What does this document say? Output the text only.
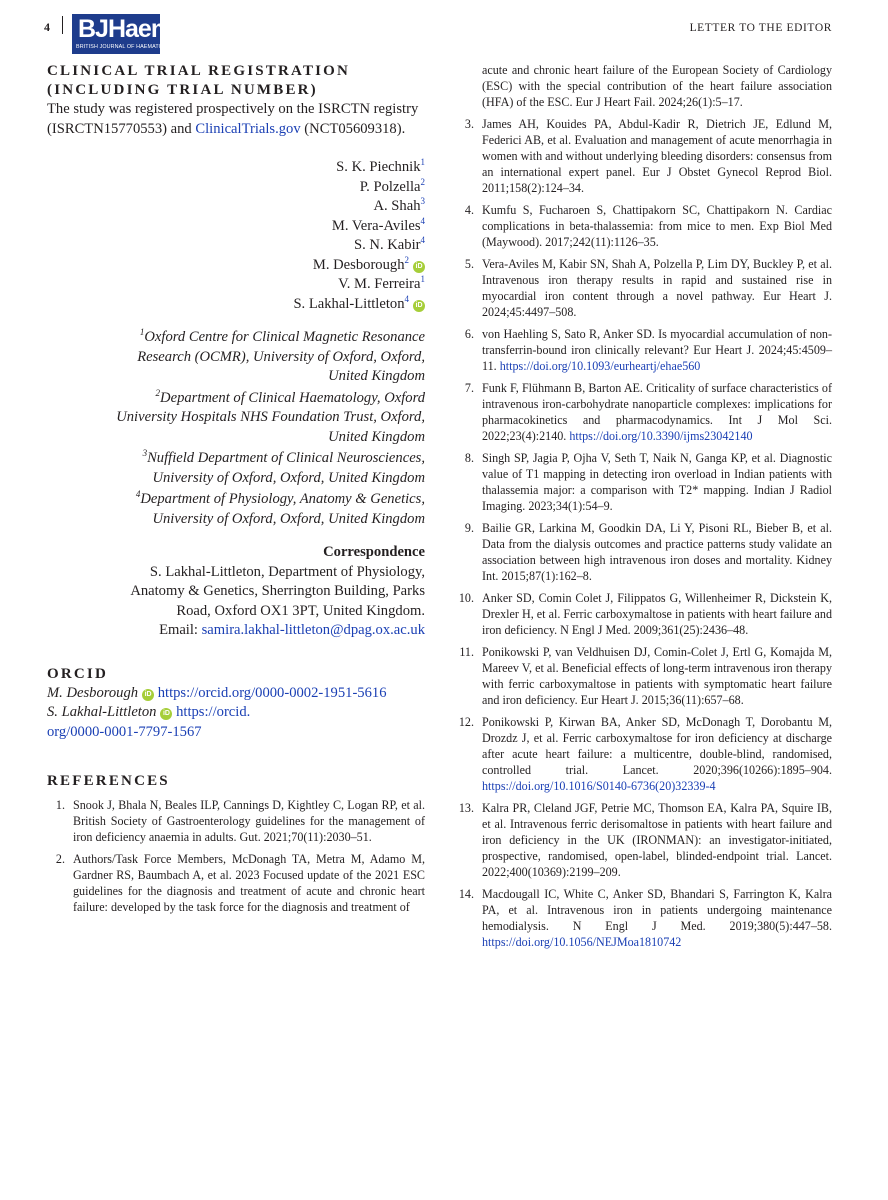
4 BJHaem
BRITISH JOURNAL OF HAEMATOLOGY
LETTER TO THE EDITOR
CLINICAL TRIAL REGISTRATION
(INCLUDING TRIAL NUMBER)
The study was registered prospectively on the ISRCTN registry (ISRCTN15770553) and ClinicalTrials.gov (NCT05609318).
S. K. Piechnik$^1$
P. Polzella$^2$
A. Shah$^3$
M. Vera-Aviles$^4$
S. N. Kabir$^4$
M. Desborough$^2$iD
V. M. Ferreira$^1$
S. Lakhal-Littleton$^4$iD
$^1$Oxford Centre for Clinical Magnetic Resonance
Research (OCMR), University of Oxford, Oxford,
United Kingdom
$^2$Department of Clinical Haematology, Oxford
University Hospitals NHS Foundation Trust, Oxford,
United Kingdom
$^3$Nuffield Department of Clinical Neurosciences,
University of Oxford, Oxford, United Kingdom
$^4$Department of Physiology, Anatomy & Genetics,
University of Oxford, Oxford, United Kingdom
Correspondence
S. Lakhal-Littleton, Department of Physiology,
Anatomy & Genetics, Sherrington Building, Parks
Road, Oxford OX1 3PT, United Kingdom.
Email: samira.lakhal-littleton@dpag.ox.ac.uk
ORCID
M. Desborough iD https://orcid.org/0000-0002-1951-5616
S. Lakhal-Littleton iD https://orcid.
org/0000-0001-7797-1567
REFERENCES
1. Snook J, Bhala N, Beales ILP, Cannings D, Kightley C, Logan RP, et al. British Society of Gastroenterology guidelines for the management of iron deficiency anaemia in adults. Gut. 2021;70(11):2030–51.
2. Authors/Task Force Members, McDonagh TA, Metra M, Adamo M, Gardner RS, Baumbach A, et al. 2023 Focused update of the 2021 ESC guidelines for the diagnosis and treatment of acute and chronic heart failure: developed by the task force for the diagnosis and treatment of
acute and chronic heart failure of the European Society of Cardiology (ESC) with the special contribution of the heart failure association (HFA) of the ESC. Eur J Heart Fail. 2024;26(1):5–17.
3. James AH, Kouides PA, Abdul-Kadir R, Dietrich JE, Edlund M, Federici AB, et al. Evaluation and management of acute menorrhagia in women with and without underlying bleeding disorders: consensus from an international expert panel. Eur J Obstet Gynecol Reprod Biol. 2011;158(2):124–34.
4. Kumfu S, Fucharoen S, Chattipakorn SC, Chattipakorn N. Cardiac complications in beta-thalassemia: from mice to men. Exp Biol Med (Maywood). 2017;242(11):1126–35.
5. Vera-Aviles M, Kabir SN, Shah A, Polzella P, Lim DY, Buckley P, et al. Intravenous iron therapy results in rapid and sustained rise in myocardial iron content through a novel pathway. Eur Heart J. 2024;45:4497–508.
6. von Haehling S, Sato R, Anker SD. Is myocardial accumulation of non-transferrin-bound iron clinically relevant? Eur Heart J. 2024;45:4509–11. https://doi.org/10.1093/eurheartj/ehae560
7. Funk F, Flühmann B, Barton AE. Criticality of surface characteristics of intravenous iron-carbohydrate nanoparticle complexes: implications for pharmacokinetics and pharmacodynamics. Int J Mol Sci. 2022;23(4):2140. https://doi.org/10.3390/ijms23042140
8. Singh SP, Jagia P, Ojha V, Seth T, Naik N, Ganga KP, et al. Diagnostic value of T1 mapping in detecting iron overload in Indian patients with thalassemia major: a comparison with T2* mapping. Indian J Radiol Imaging. 2023;34(1):54–9.
9. Bailie GR, Larkina M, Goodkin DA, Li Y, Pisoni RL, Bieber B, et al. Data from the dialysis outcomes and practice patterns study validate an association between high intravenous iron doses and mortality. Kidney Int. 2015;87(1):162–8.
10. Anker SD, Comin Colet J, Filippatos G, Willenheimer R, Dickstein K, Drexler H, et al. Ferric carboxymaltose in patients with heart failure and iron deficiency. N Engl J Med. 2009;361(25):2436–48.
11. Ponikowski P, van Veldhuisen DJ, Comin-Colet J, Ertl G, Komajda M, Mareev V, et al. Beneficial effects of long-term intravenous iron therapy with ferric carboxymaltose in patients with symptomatic heart failure and iron deficiency. Eur Heart J. 2015;36(11):657–68.
12. Ponikowski P, Kirwan BA, Anker SD, McDonagh T, Dorobantu M, Drozdz J, et al. Ferric carboxymaltose for iron deficiency at discharge after acute heart failure: a multicentre, double-blind, randomised, controlled trial. Lancet. 2020;396(10266):1895–904. https://doi.org/10.1016/S0140-6736(20)32339-4
13. Kalra PR, Cleland JGF, Petrie MC, Thomson EA, Kalra PA, Squire IB, et al. Intravenous ferric derisomaltose in patients with heart failure and iron deficiency in the UK (IRONMAN): an investigator-initiated, prospective, randomised, open-label, blinded-endpoint trial. Lancet. 2022;400(10369):2199–209.
14. Macdougall IC, White C, Anker SD, Bhandari S, Farrington K, Kalra PA, et al. Intravenous iron in patients undergoing maintenance hemodialysis. N Engl J Med. 2019;380(5):447–58. https://doi.org/10.1056/NEJMoa1810742
